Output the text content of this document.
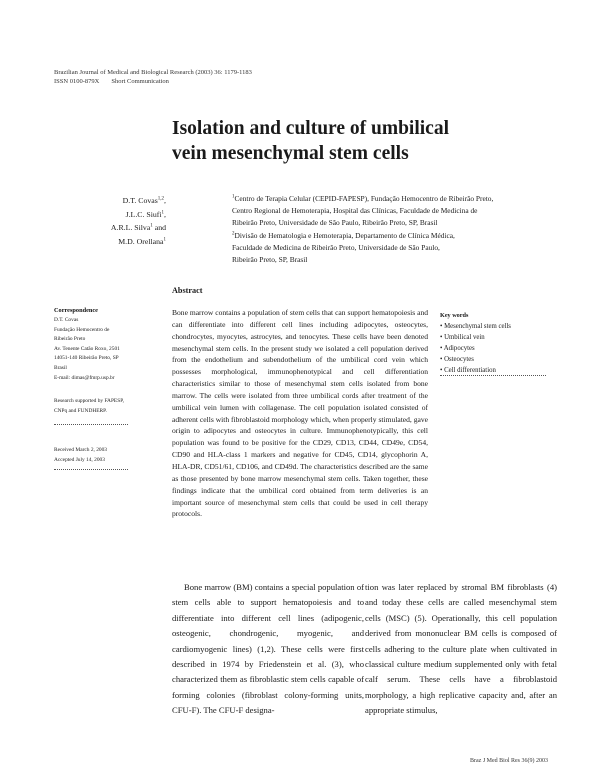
Brazilian Journal of Medical and Biological Research (2003) 36: 1179-1183
ISSN 0100-879X Short Communication
Isolation and culture of umbilical
vein mesenchymal stem cells
D.T. Covas$^{1,2}$,
J.L.C. Siufi$^1$,
A.R.L. Silva$^1$ and
M.D. Orellana$^1$
$^1$Centro de Terapia Celular (CEPID-FAPESP), Fundação Hemocentro de Ribeirão Preto,
Centro Regional de Hemoterapia, Hospital das Clínicas, Faculdade de Medicina de
Ribeirão Preto, Universidade de São Paulo, Ribeirão Preto, SP, Brasil
$^2$Divisão de Hematologia e Hemoterapia, Departamento de Clínica Médica,
Faculdade de Medicina de Ribeirão Preto, Universidade de São Paulo,
Ribeirão Preto, SP, Brasil
Abstract
Bone marrow contains a population of stem cells that can support hematopoiesis and can differentiate into different cell lines including adipocytes, osteocytes, chondrocytes, myocytes, astrocytes, and tenocytes. These cells have been denoted mesenchymal stem cells. In the present study we isolated a cell population derived from the endothelium and subendothelium of the umbilical cord vein which possesses morphological, immunophenotypical and cell differentiation characteristics similar to those of mesenchymal stem cells isolated from bone marrow. The cells were isolated from three umbilical cords after treatment of the umbilical vein lumen with collagenase. The cell population isolated consisted of adherent cells with fibroblastoid morphology which, when properly stimulated, gave origin to adipocytes and osteocytes in culture. Immunophenotypically, this cell population was found to be positive for the CD29, CD13, CD44, CD49e, CD54, CD90 and HLA-class 1 markers and negative for CD45, CD14, glycophorin A, HLA-DR, CD51/61, CD106, and CD49d. The characteristics described are the same as those presented by bone marrow mesenchymal stem cells. Taken together, these findings indicate that the umbilical cord obtained from term deliveries is an important source of mesenchymal stem cells that could be used in cell therapy protocols.
Correspondence
D.T. Covas
Fundação Hemocentro de
Ribeirão Preto
Av. Tenente Catão Roxo, 2501
14051-140 Ribeirão Preto, SP
Brasil
E-mail: dimas@fmrp.usp.br
Research supported by FAPESP,
CNPq and FUNDHERP.
Received March 2, 2003
Accepted July 14, 2003
Key words
• Mesenchymal stem cells
• Umbilical vein
• Adipocytes
• Osteocytes
• Cell differentiation
Bone marrow (BM) contains a special population of stem cells able to support hematopoiesis and to differentiate into different cell lines (adipogenic, osteogenic, chondrogenic, myogenic, and cardiomyogenic lines) (1,2). These cells were first described in 1974 by Friedenstein et al. (3), who characterized them as fibroblastic stem cells capable of forming colonies (fibroblast colony-forming units, CFU-F). The CFU-F designa-
tion was later replaced by stromal BM fibroblasts (4) and today these cells are called mesenchymal stem cells (MSC) (5). Operationally, this cell population derived from mononuclear BM cells is composed of cells adhering to the culture plate when cultivated in classical culture medium supplemented only with fetal calf serum. These cells have a fibroblastoid morphology, a high replicative capacity and, after an appropriate stimulus,
Braz J Med Biol Res 36(9) 2003
